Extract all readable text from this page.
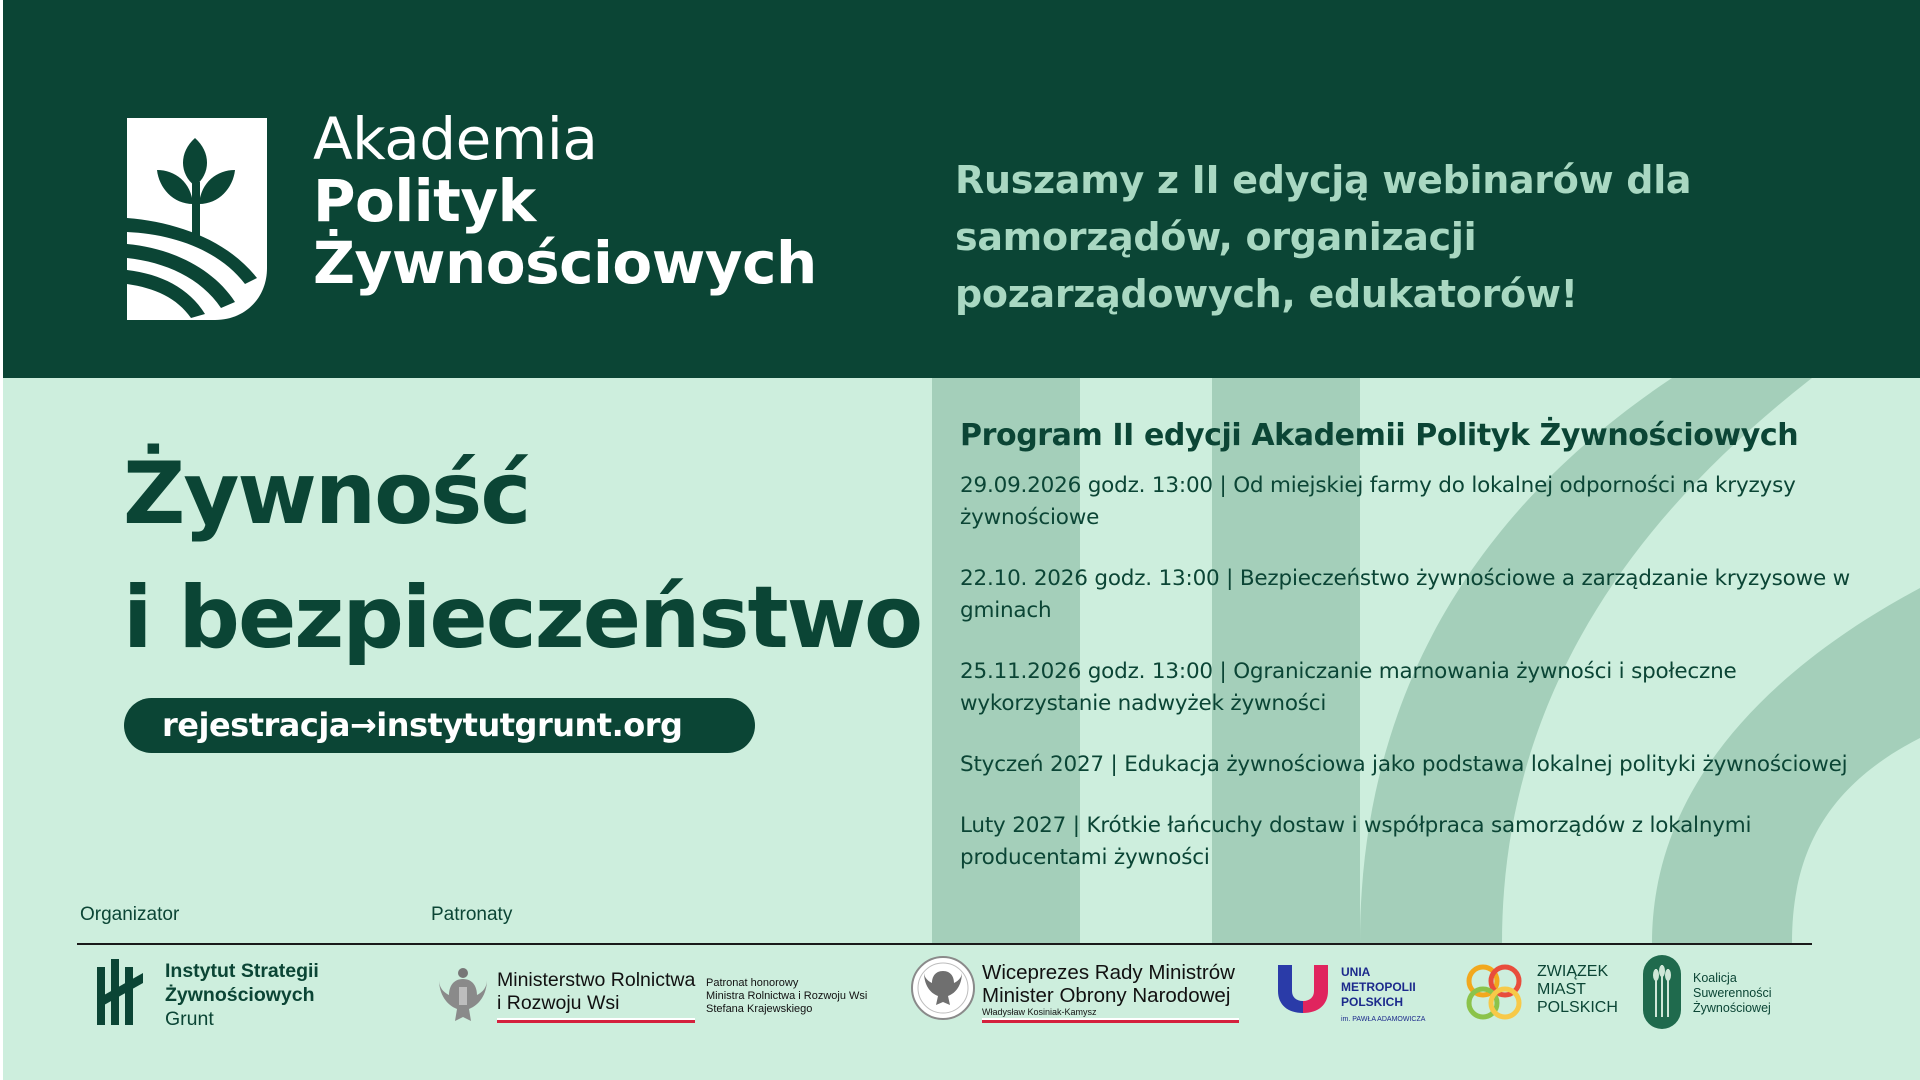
Akademia
Polityk
Żywnościowych
Ruszamy z II edycją webinarów dla samorządów, organizacji pozarządowych, edukatorów!
Żywność
i bezpieczeństwo
rejestracja→instytutgrunt.org
Program II edycji Akademii Polityk Żywnościowych
29.09.2026 godz. 13:00 | Od miejskiej farmy do lokalnej odporności na kryzysy żywnościowe
22.10. 2026 godz. 13:00 | Bezpieczeństwo żywnościowe a zarządzanie kryzysowe w gminach
25.11.2026 godz. 13:00 | Ograniczanie marnowania żywności i społeczne wykorzystanie nadwyżek żywności
Styczeń 2027 | Edukacja żywnościowa jako podstawa lokalnej polityki żywnościowej
Luty 2027 | Krótkie łańcuchy dostaw i współpraca samorządów z lokalnymi producentami żywności
Organizator	Patronaty
Instytut Strategii
Żywnościowych
Grunt
Ministerstwo Rolnictwa
i Rozwoju Wsi
Patronat honorowy
Ministra Rolnictwa i Rozwoju Wsi
Stefana Krajewskiego
Wiceprezes Rady Ministrów
Minister Obrony Narodowej
Władysław Kosiniak-Kamysz
UNIA
METROPOLII
POLSKICH
im. PAWŁA ADAMOWICZA
ZWIĄZEK
MIAST
POLSKICH
Koalicja
Suwerenności
Żywnościowej
